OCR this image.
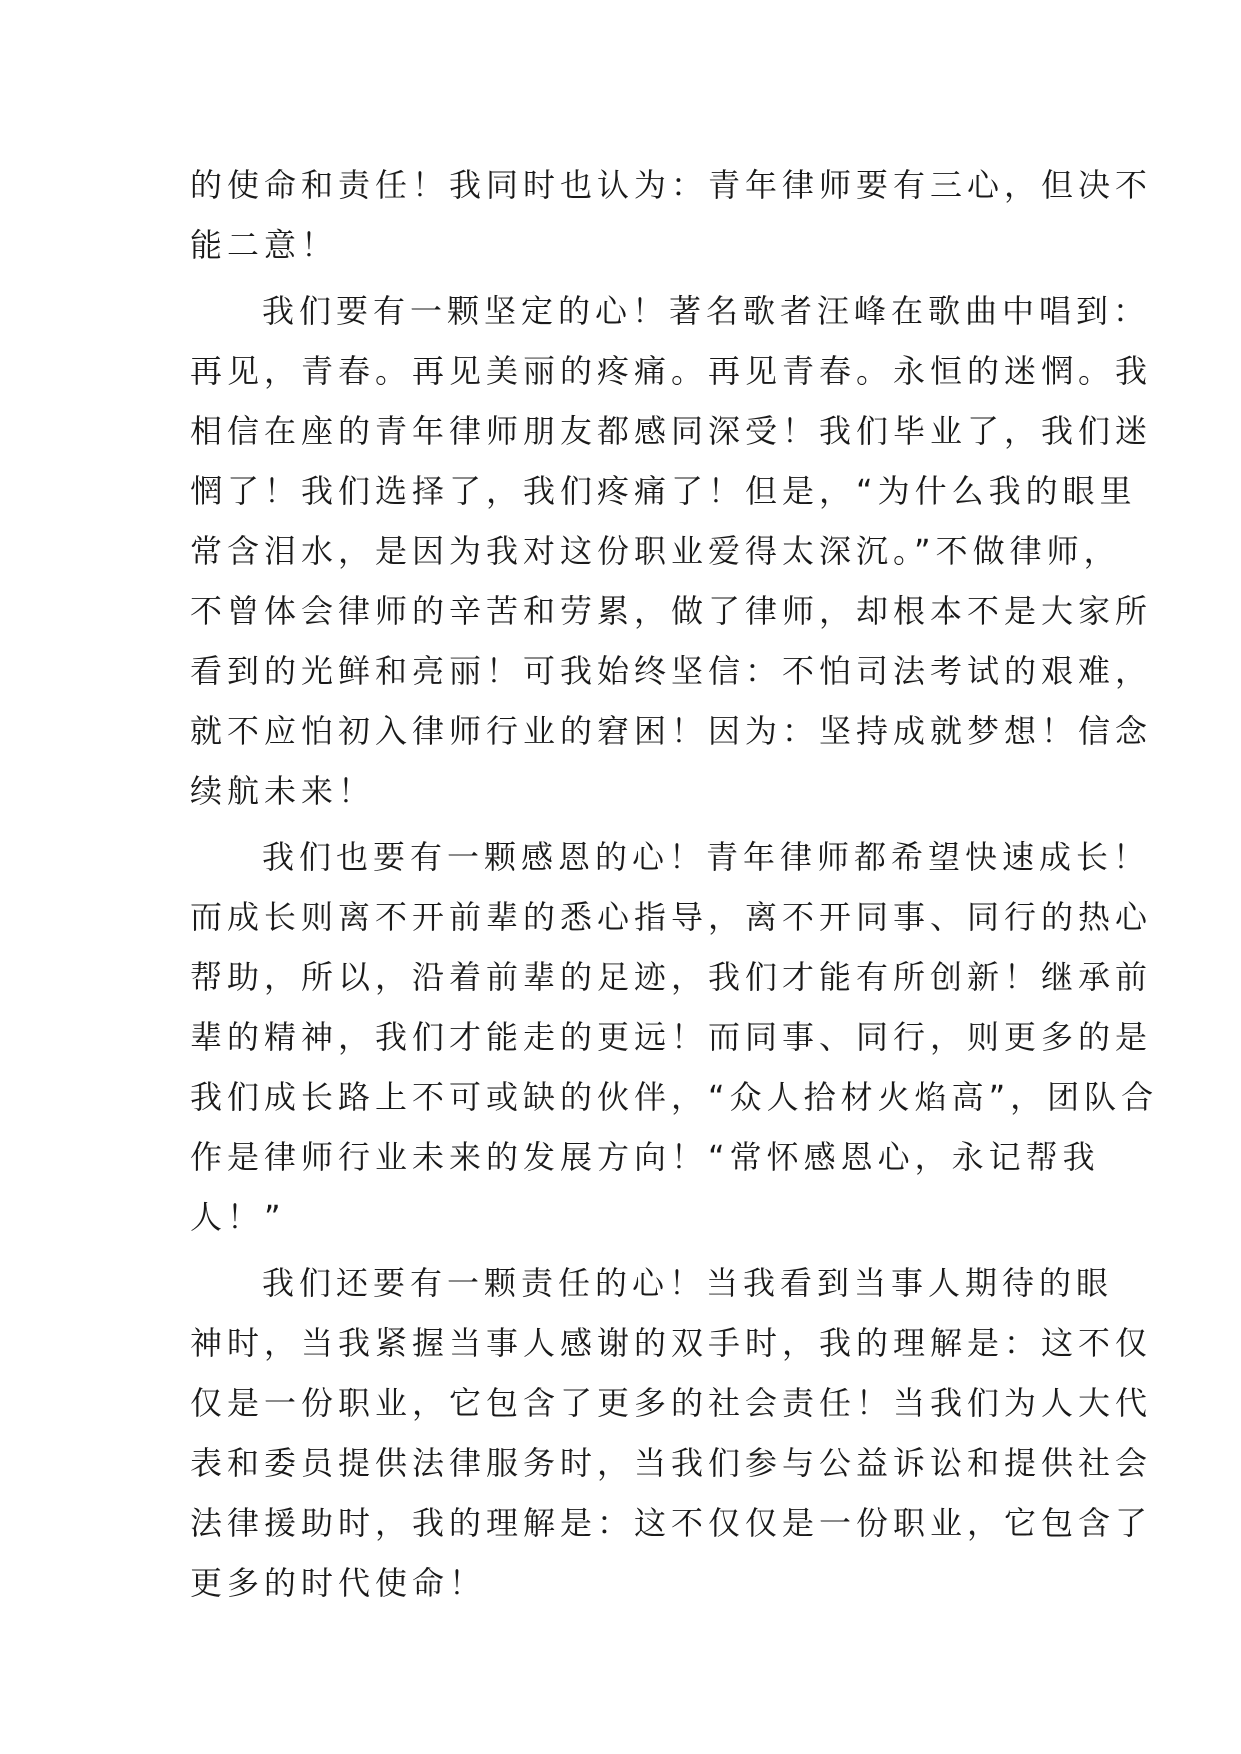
的使命和责任！我同时也认为：青年律师要有三心，但决不
能二意！
我们要有一颗坚定的心！著名歌者汪峰在歌曲中唱到：
再见，青春。再见美丽的疼痛。再见青春。永恒的迷惘。我
相信在座的青年律师朋友都感同深受！我们毕业了，我们迷
惘了！我们选择了，我们疼痛了！但是，“为什么我的眼里
常含泪水，是因为我对这份职业爱得太深沉。”不做律师，
不曾体会律师的辛苦和劳累，做了律师，却根本不是大家所
看到的光鲜和亮丽！可我始终坚信：不怕司法考试的艰难，
就不应怕初入律师行业的窘困！因为：坚持成就梦想！信念
续航未来！
我们也要有一颗感恩的心！青年律师都希望快速成长！
而成长则离不开前辈的悉心指导，离不开同事、同行的热心
帮助，所以，沿着前辈的足迹，我们才能有所创新！继承前
辈的精神，我们才能走的更远！而同事、同行，则更多的是
我们成长路上不可或缺的伙伴，“众人拾材火焰高”，团队合
作是律师行业未来的发展方向！“常怀感恩心，永记帮我
人！”
我们还要有一颗责任的心！当我看到当事人期待的眼
神时，当我紧握当事人感谢的双手时，我的理解是：这不仅
仅是一份职业，它包含了更多的社会责任！当我们为人大代
表和委员提供法律服务时，当我们参与公益诉讼和提供社会
法律援助时，我的理解是：这不仅仅是一份职业，它包含了
更多的时代使命！
